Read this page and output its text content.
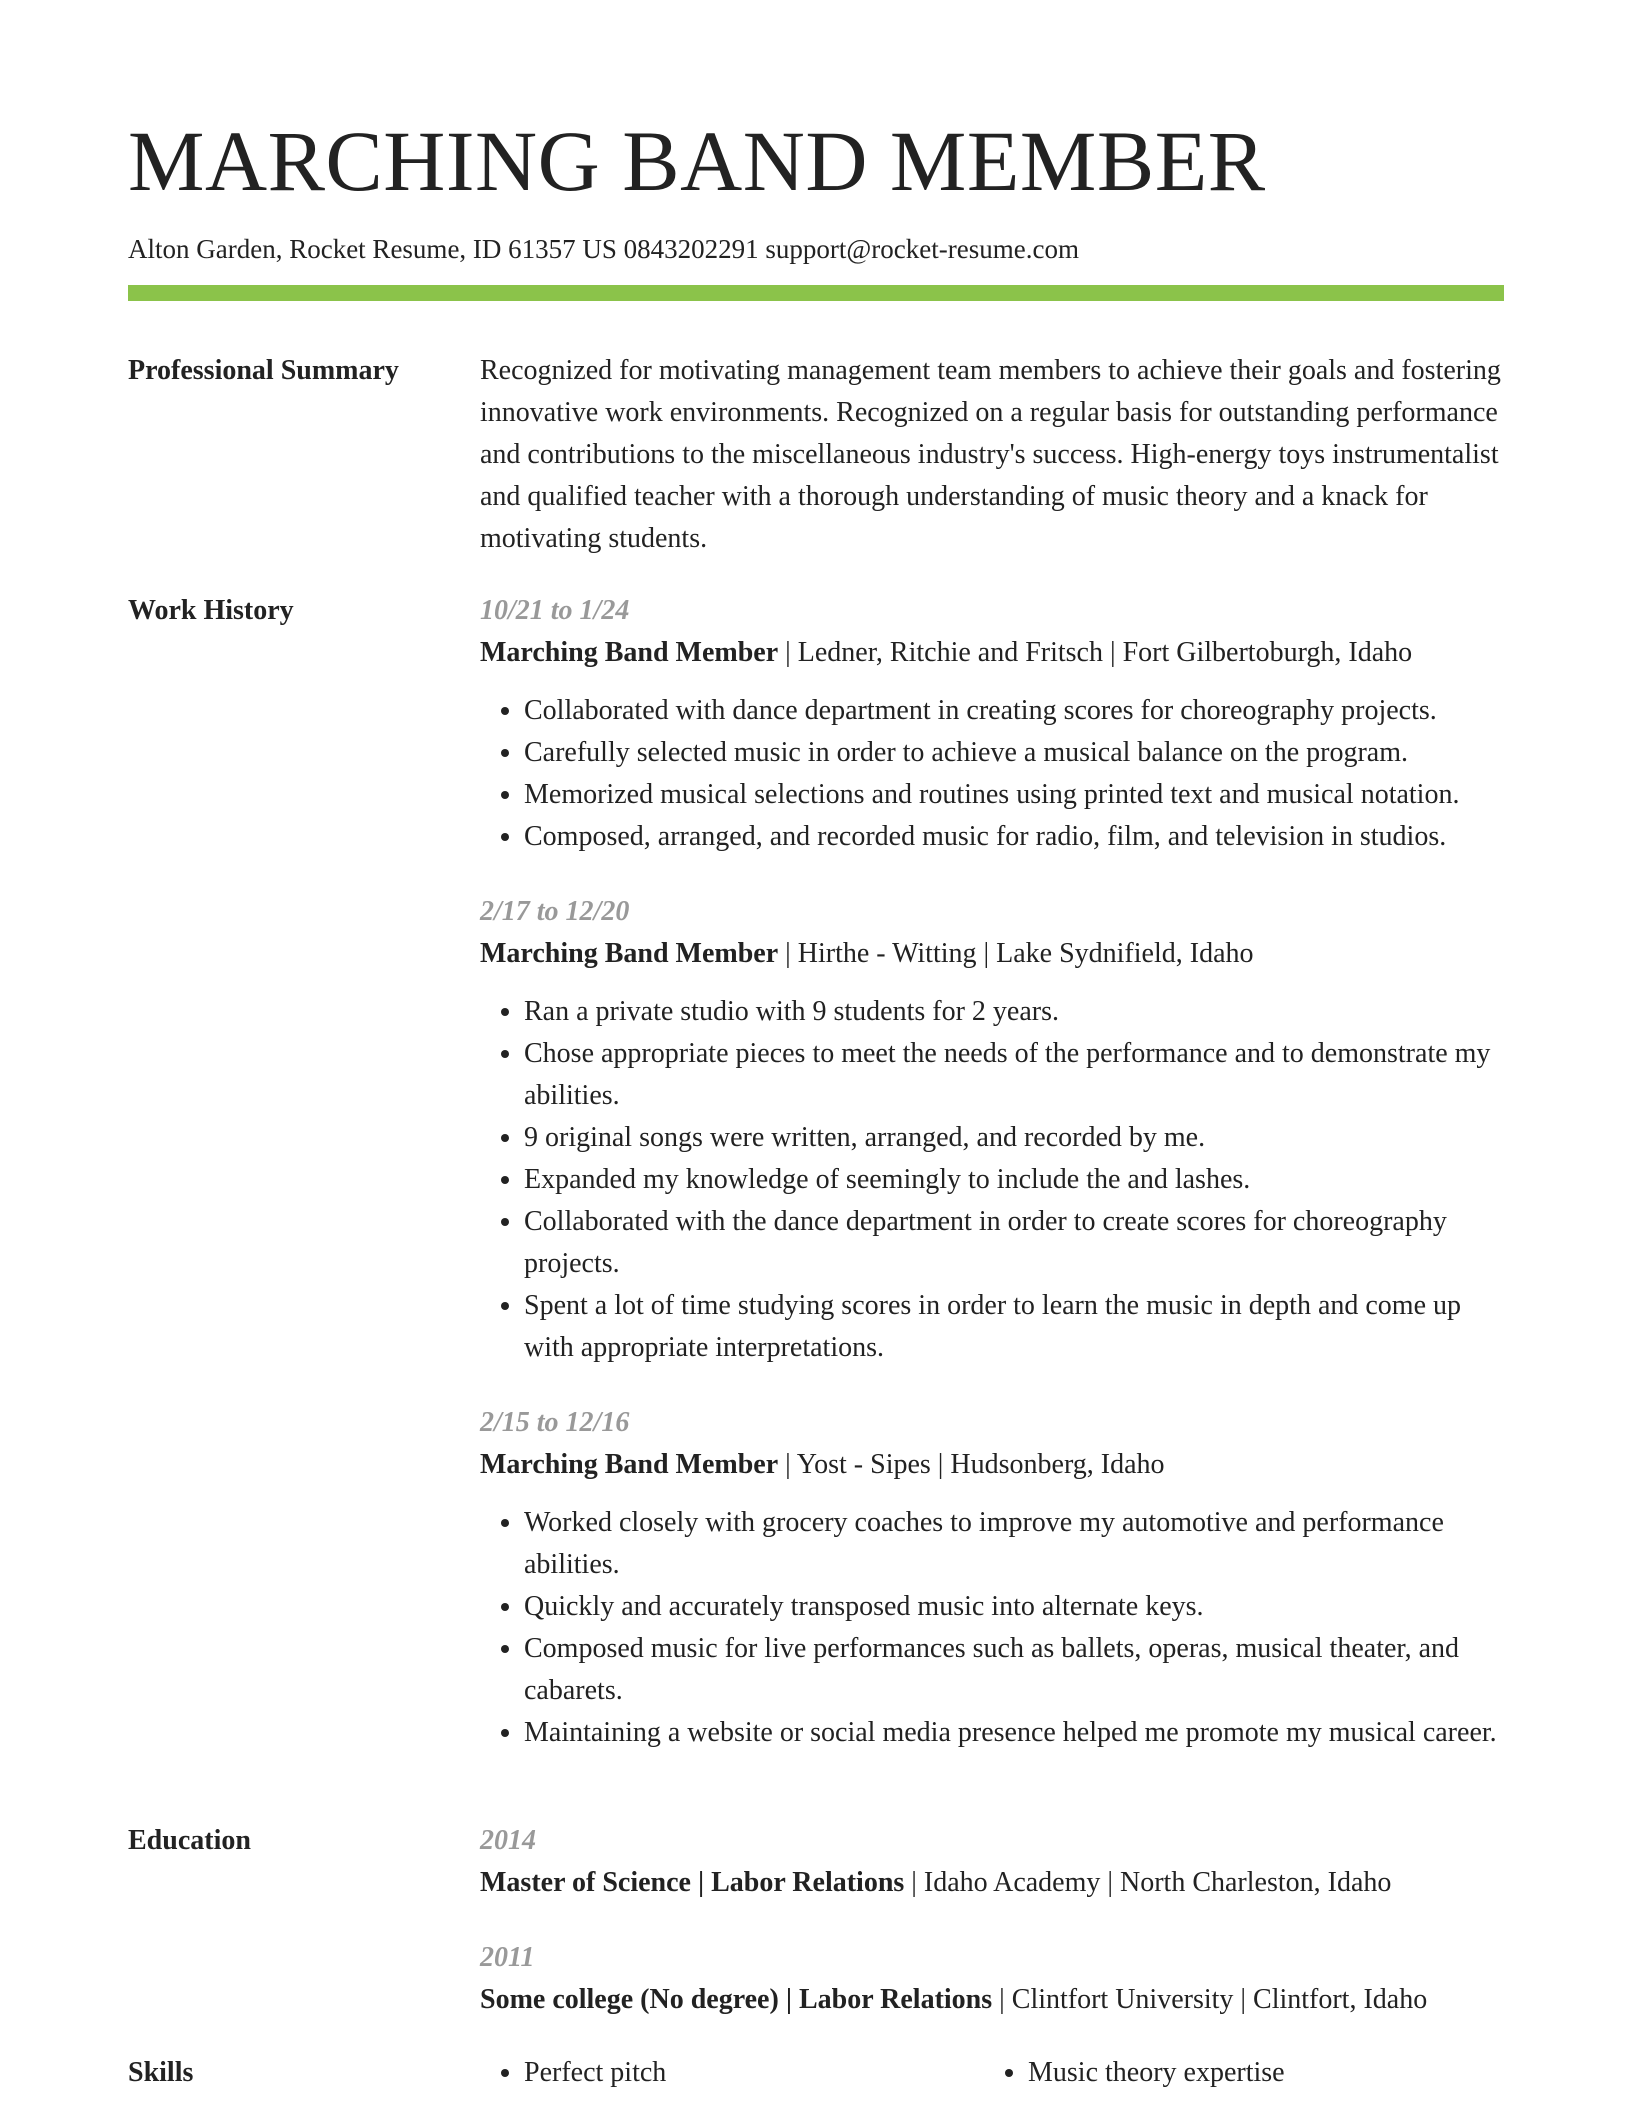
MARCHING BAND MEMBER
Alton Garden, Rocket Resume, ID 61357 US 0843202291 support@rocket-resume.com
Professional Summary	Recognized for motivating management team members to achieve their goals and fostering innovative work environments. Recognized on a regular basis for outstanding performance and contributions to the miscellaneous industry's success. High-energy toys instrumentalist and qualified teacher with a thorough understanding of music theory and a knack for motivating students.

Work History	10/21 to 1/24
Marching Band Member | Ledner, Ritchie and Fritsch | Fort Gilbertoburgh, Idaho
• Collaborated with dance department in creating scores for choreography projects.
• Carefully selected music in order to achieve a musical balance on the program.
• Memorized musical selections and routines using printed text and musical notation.
• Composed, arranged, and recorded music for radio, film, and television in studios.
2/17 to 12/20
Marching Band Member | Hirthe - Witting | Lake Sydnifield, Idaho
• Ran a private studio with 9 students for 2 years.
• Chose appropriate pieces to meet the needs of the performance and to demonstrate my abilities.
• 9 original songs were written, arranged, and recorded by me.
• Expanded my knowledge of seemingly to include the and lashes.
• Collaborated with the dance department in order to create scores for choreography projects.
• Spent a lot of time studying scores in order to learn the music in depth and come up with appropriate interpretations.
2/15 to 12/16
Marching Band Member | Yost - Sipes | Hudsonberg, Idaho
• Worked closely with grocery coaches to improve my automotive and performance abilities.
• Quickly and accurately transposed music into alternate keys.
• Composed music for live performances such as ballets, operas, musical theater, and cabarets.
• Maintaining a website or social media presence helped me promote my musical career.
Education	2014
Master of Science | Labor Relations | Idaho Academy | North Charleston, Idaho
2011
Some college (No degree) | Labor Relations | Clintfort University | Clintfort, Idaho
Skills	• Perfect pitch	• Music theory expertise
